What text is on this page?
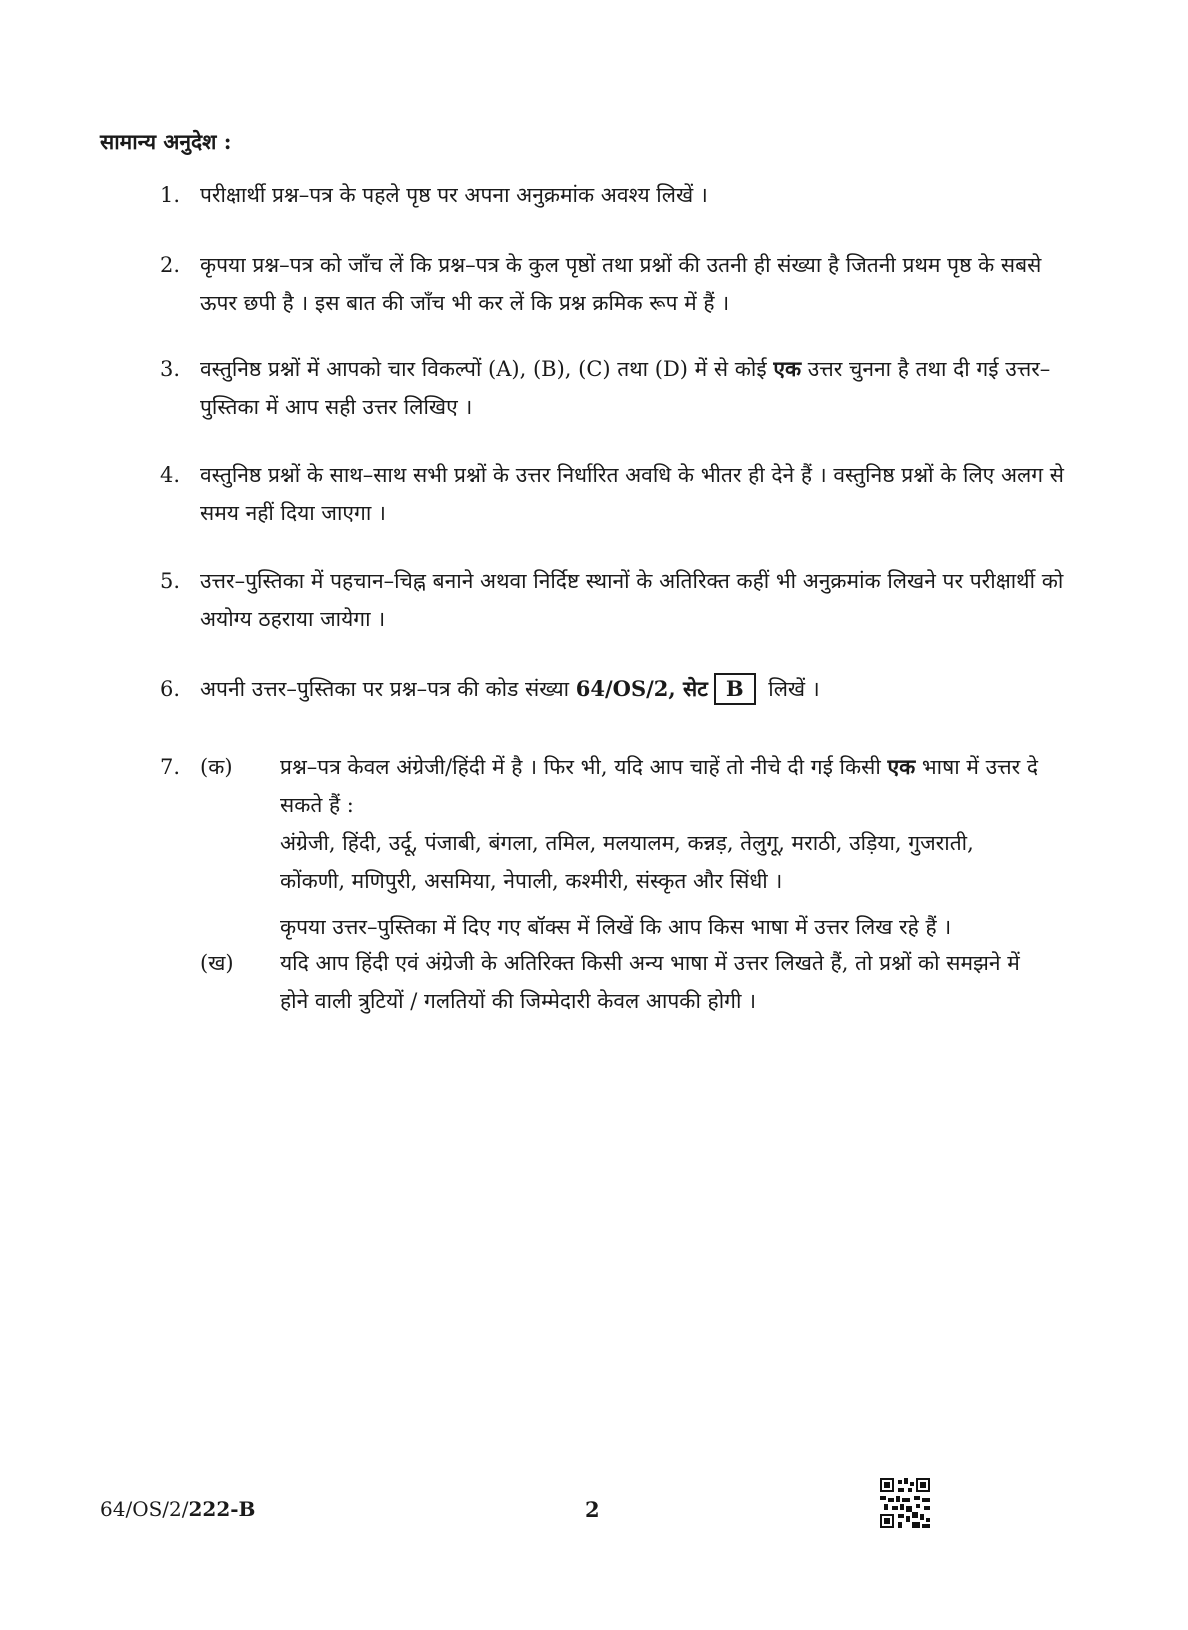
सामान्य अनुदेश :
1. परीक्षार्थी प्रश्न–पत्र के पहले पृष्ठ पर अपना अनुक्रमांक अवश्य लिखें ।
2. कृपया प्रश्न–पत्र को जाँच लें कि प्रश्न–पत्र के कुल पृष्ठों तथा प्रश्नों की उतनी ही संख्या है जितनी प्रथम पृष्ठ के सबसे ऊपर छपी है । इस बात की जाँच भी कर लें कि प्रश्न क्रमिक रूप में हैं ।
3. वस्तुनिष्ठ प्रश्नों में आपको चार विकल्पों (A), (B), (C) तथा (D) में से कोई एक उत्तर चुनना है तथा दी गई उत्तर–पुस्तिका में आप सही उत्तर लिखिए ।
4. वस्तुनिष्ठ प्रश्नों के साथ–साथ सभी प्रश्नों के उत्तर निर्धारित अवधि के भीतर ही देने हैं । वस्तुनिष्ठ प्रश्नों के लिए अलग से समय नहीं दिया जाएगा ।
5. उत्तर–पुस्तिका में पहचान–चिह्न बनाने अथवा निर्दिष्ट स्थानों के अतिरिक्त कहीं भी अनुक्रमांक लिखने पर परीक्षार्थी को अयोग्य ठहराया जायेगा ।
6. अपनी उत्तर–पुस्तिका पर प्रश्न–पत्र की कोड संख्या 64/OS/2, सेट B लिखें ।
7. (क)	प्रश्न–पत्र केवल अंग्रेजी/हिंदी में है । फिर भी, यदि आप चाहें तो नीचे दी गई किसी एक भाषा में उत्तर दे सकते हैं :
अंग्रेजी, हिंदी, उर्दू, पंजाबी, बंगला, तमिल, मलयालम, कन्नड़, तेलुगू, मराठी, उड़िया, गुजराती, कोंकणी, मणिपुरी, असमिया, नेपाली, कश्मीरी, संस्कृत और सिंधी ।
कृपया उत्तर–पुस्तिका में दिए गए बॉक्स में लिखें कि आप किस भाषा में उत्तर लिख रहे हैं ।
(ख)	यदि आप हिंदी एवं अंग्रेजी के अतिरिक्त किसी अन्य भाषा में उत्तर लिखते हैं, तो प्रश्नों को समझने में होने वाली त्रुटियों / गलतियों की जिम्मेदारी केवल आपकी होगी ।
64/OS/2/222-B	2
